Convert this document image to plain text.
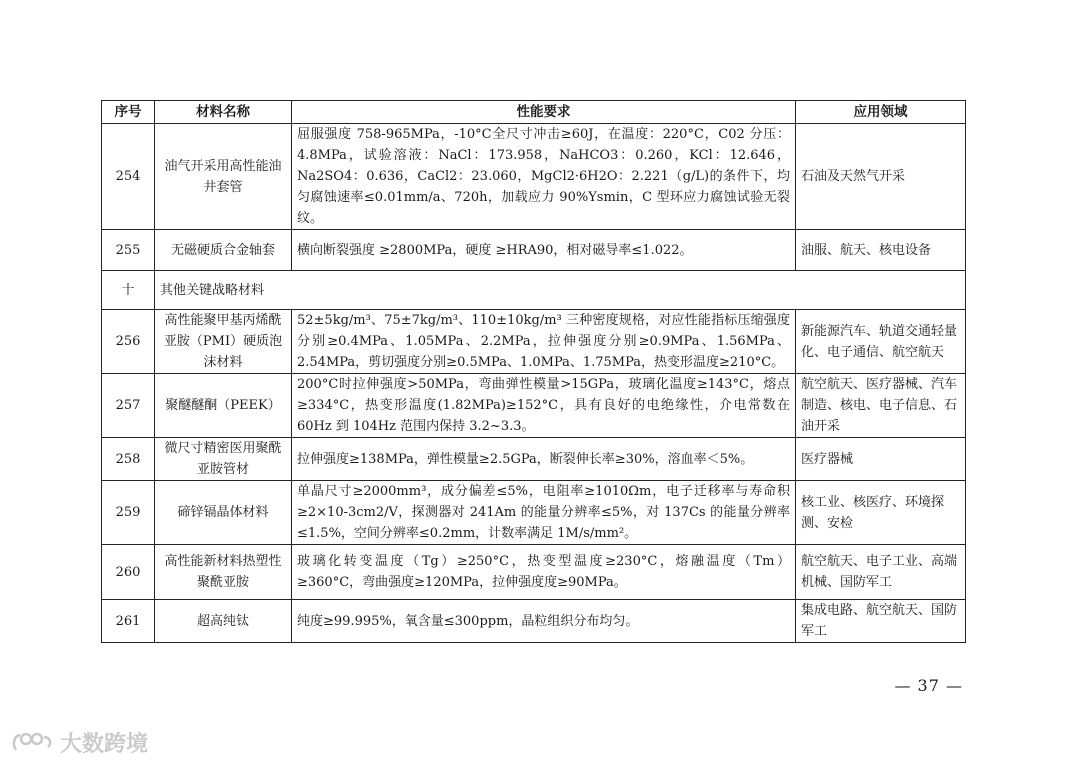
序号	材料名称	性能要求	应用领域
254	油气开采用高性能油井套管	屈服强度 758-965MPa，-10°C全尺寸冲击≥60J，在温度：220°C，C02 分压：4.8MPa，试验溶液：NaCl：173.958，NaHCO3：0.260，KCl：12.646，Na2SO4：0.636，CaCl2：23.060，MgCl2·6H2O：2.221（g/L)的条件下，均匀腐蚀速率≤0.01mm/a、720h，加载应力 90%Ysmin，C 型环应力腐蚀试验无裂纹。	石油及天然气开采
255	无磁硬质合金轴套	横向断裂强度 ≥2800MPa，硬度 ≥HRA90，相对磁导率≤1.022。	油服、航天、核电设备
十	其他关键战略材料		
256	高性能聚甲基丙烯酰亚胺（PMI）硬质泡沫材料	52±5kg/m³、75±7kg/m³、110±10kg/m³ 三种密度规格，对应性能指标压缩强度分别≥0.4MPa、1.05MPa、2.2MPa，拉伸强度分别≥0.9MPa、1.56MPa、2.54MPa，剪切强度分别≥0.5MPa、1.0MPa、1.75MPa，热变形温度≥210°C。	新能源汽车、轨道交通轻量化、电子通信、航空航天
257	聚醚醚酮（PEEK）	200°C时拉伸强度>50MPa，弯曲弹性模量>15GPa，玻璃化温度≥143°C，熔点≥334°C，热变形温度(1.82MPa)≥152°C，具有良好的电绝缘性，介电常数在 60Hz 到 104Hz 范围内保持 3.2~3.3。	航空航天、医疗器械、汽车制造、核电、电子信息、石油开采
258	微尺寸精密医用聚酰亚胺管材	拉伸强度≥138MPa，弹性模量≥2.5GPa，断裂伸长率≥30%，溶血率＜5%。	医疗器械
259	碲锌镉晶体材料	单晶尺寸≥2000mm³，成分偏差≤5%，电阻率≥1010Ωm，电子迁移率与寿命积≥2×10-3cm2/V，探测器对 241Am 的能量分辨率≤5%，对 137Cs 的能量分辨率≤1.5%，空间分辨率≤0.2mm，计数率满足 1M/s/mm²。	核工业、核医疗、环境探测、安检
260	高性能新材料热塑性聚酰亚胺	玻璃化转变温度（Tg）≥250°C，热变型温度≥230°C，熔融温度（Tm）≥360°C，弯曲强度≥120MPa，拉伸强度度≥90MPa。	航空航天、电子工业、高端机械、国防军工
261	超高纯钛	纯度≥99.995%，氧含量≤300ppm，晶粒组织分布均匀。	集成电路、航空航天、国防军工
— 37 —
大数跨境
